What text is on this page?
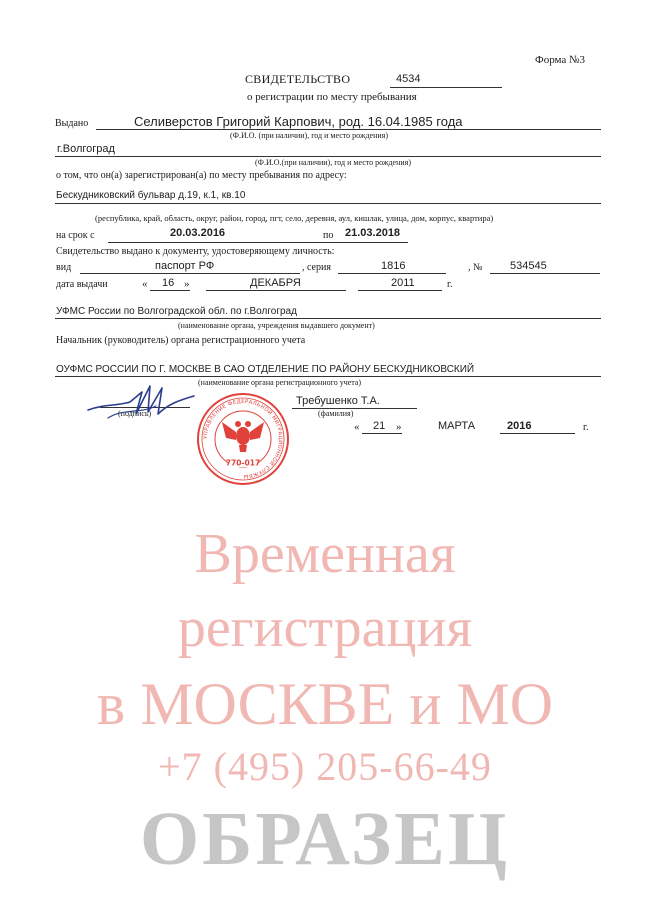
Форма №3
СВИДЕТЕЛЬСТВО	4534
о регистрации по месту пребывания
Выдано	Селиверстов Григорий Карпович, род. 16.04.1985 года
(Ф.И.О. (при наличии), год и место рождения)
г.Волгоград
(Ф.И.О.(при наличии), год и место рождения)
о том, что он(а) зарегистрирован(а) по месту пребывания по адресу:
Бескудниковский бульвар д.19, к.1, кв.10
(республика, край, область, округ, район, город, пгт, село, деревня, аул, кишлак, улица, дом, корпус, квартира)
на срок с	20.03.2016	по 21.03.2018
Свидетельство выдано к документу, удостоверяющему личность:
вид	паспорт РФ	, серия	1816	, № 534545
дата выдачи	« 16 »	ДЕКАБРЯ	2011	г.
УФМС России по Волгоградской обл. по г.Волгоград
(наименование органа, учреждения выдавшего документ)
Начальник (руководитель) органа регистрационного учета
ОУФМС РОССИИ ПО Г. МОСКВЕ В САО ОТДЕЛЕНИЕ ПО РАЙОНУ БЕСКУДНИКОВСКИЙ
(наименование органа регистрационного учета)
(подпись)
Требушенко Т.А.
(фамилия)
« 21 »	МАРТА	2016	г.
УПРАВЛЕНИЕ ФЕДЕРАЛЬНОЙ МИГРАЦИОННОЙ СЛУЖБЫ
770-017
Временная
регистрация
в МОСКВЕ и МО
+7 (495) 205-66-49
ОБРАЗЕЦ
